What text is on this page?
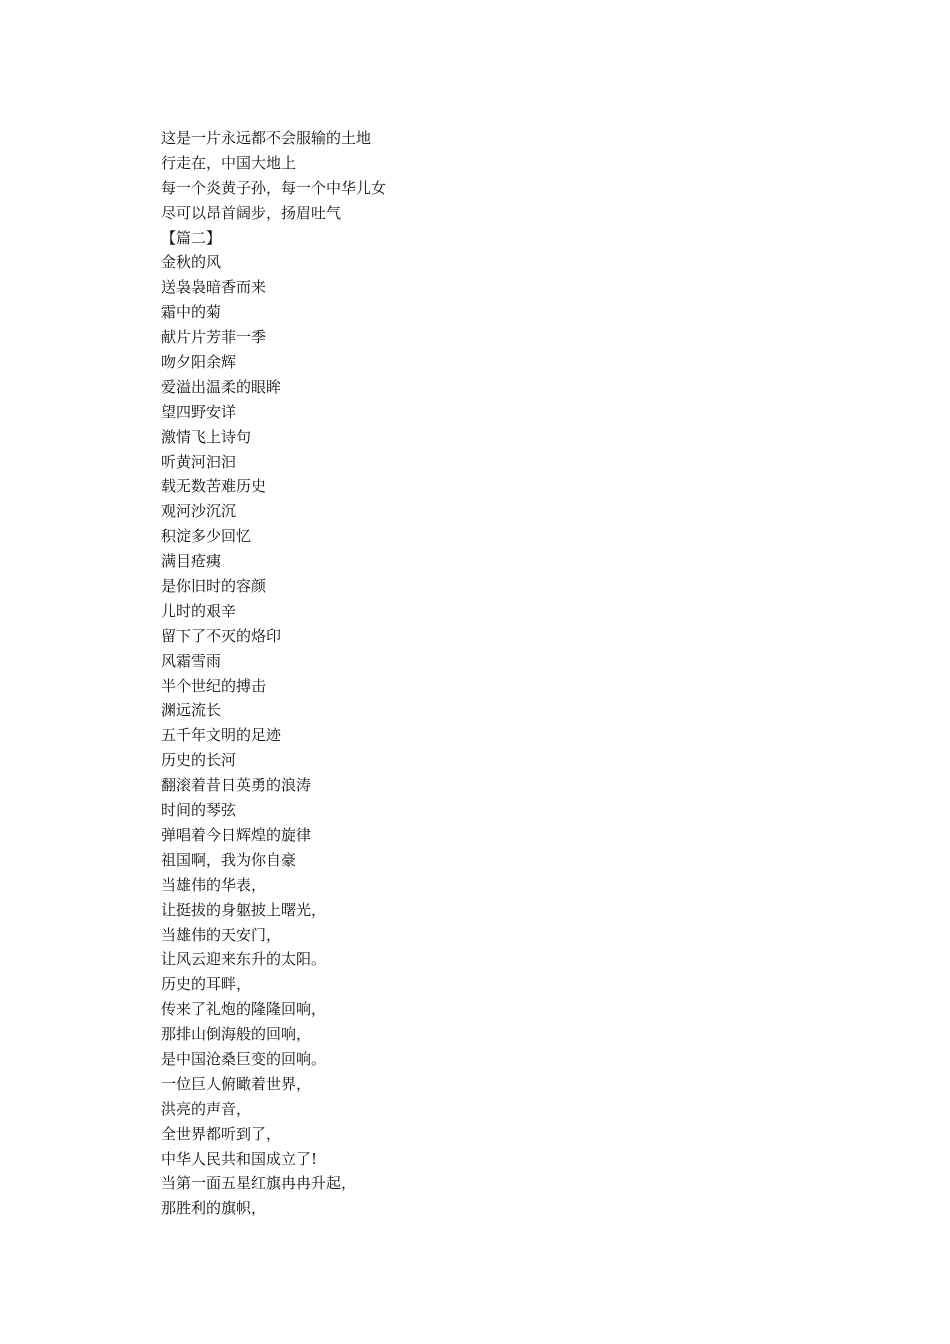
这是一片永远都不会服输的土地
行走在，中国大地上
每一个炎黄子孙，每一个中华儿女
尽可以昂首阔步，扬眉吐气
【篇二】
金秋的风
送袅袅暗香而来
霜中的菊
献片片芳菲一季
吻夕阳余辉
爱溢出温柔的眼眸
望四野安详
激情飞上诗句
听黄河汩汩
载无数苦难历史
观河沙沉沉
积淀多少回忆
满目疮痍
是你旧时的容颜
儿时的艰辛
留下了不灭的烙印
风霜雪雨
半个世纪的搏击
渊远流长
五千年文明的足迹
历史的长河
翻滚着昔日英勇的浪涛
时间的琴弦
弹唱着今日辉煌的旋律
祖国啊，我为你自豪
当雄伟的华表，
让挺拔的身躯披上曙光，
当雄伟的天安门，
让风云迎来东升的太阳。
历史的耳畔，
传来了礼炮的隆隆回响，
那排山倒海般的回响，
是中国沧桑巨变的回响。
一位巨人俯瞰着世界，
洪亮的声音，
全世界都听到了，
中华人民共和国成立了!
当第一面五星红旗冉冉升起，
那胜利的旗帜，
